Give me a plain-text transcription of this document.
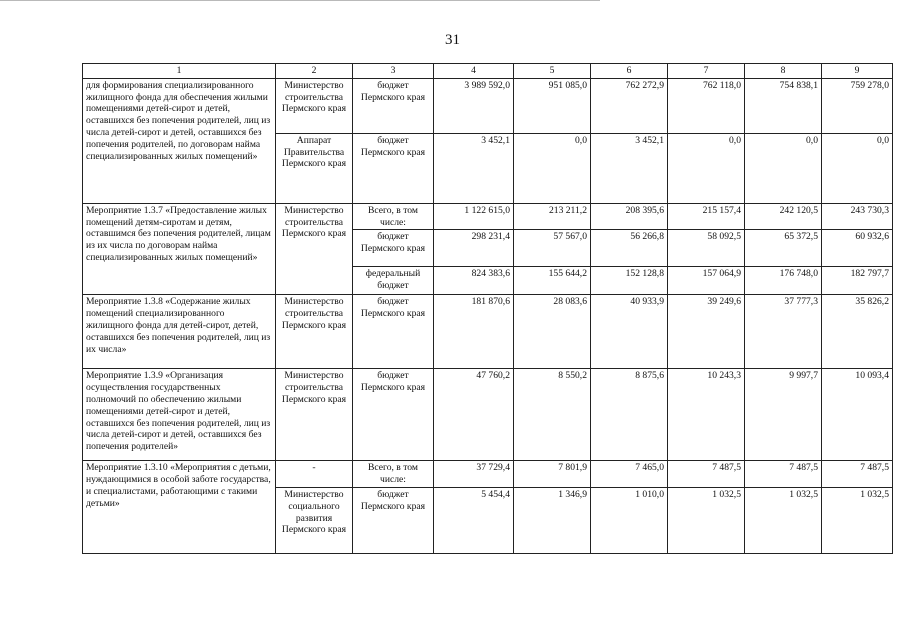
31
1	2	3	4	5	6	7	8	9
для формирования специализированного жилищного фонда для обеспечения жилыми помещениями детей-сирот и детей, оставшихся без попечения родителей, лиц из числа детей-сирот и детей, оставшихся без попечения родителей, по договорам найма специализированных жилых помещений»	Министерство строительства Пермского края	бюджет Пермского края	3 989 592,0	951 085,0	762 272,9	762 118,0	754 838,1	759 278,0
	Аппарат Правительства Пермского края	бюджет Пермского края	3 452,1	0,0	3 452,1	0,0	0,0	0,0
Мероприятие 1.3.7 «Предоставление жилых помещений детям-сиротам и детям, оставшимся без попечения родителей, лицам из их числа по договорам найма специализированных жилых помещений»	Министерство строительства Пермского края	Всего, в том числе:	1 122 615,0	213 211,2	208 395,6	215 157,4	242 120,5	243 730,3
		бюджет Пермского края	298 231,4	57 567,0	56 266,8	58 092,5	65 372,5	60 932,6
		федеральный бюджет	824 383,6	155 644,2	152 128,8	157 064,9	176 748,0	182 797,7
Мероприятие 1.3.8 «Содержание жилых помещений специализированного жилищного фонда для детей-сирот, детей, оставшихся без попечения родителей, лиц из их числа»	Министерство строительства Пермского края	бюджет Пермского края	181 870,6	28 083,6	40 933,9	39 249,6	37 777,3	35 826,2
Мероприятие 1.3.9 «Организация осуществления государственных полномочий по обеспечению жилыми помещениями детей-сирот и детей, оставшихся без попечения родителей, лиц из числа детей-сирот и детей, оставшихся без попечения родителей»	Министерство строительства Пермского края	бюджет Пермского края	47 760,2	8 550,2	8 875,6	10 243,3	9 997,7	10 093,4
Мероприятие 1.3.10 «Мероприятия с детьми, нуждающимися в особой заботе государства, и специалистами, работающими с такими детьми»	-	Всего, в том числе:	37 729,4	7 801,9	7 465,0	7 487,5	7 487,5	7 487,5
	Министерство социального развития Пермского края	бюджет Пермского края	5 454,4	1 346,9	1 010,0	1 032,5	1 032,5	1 032,5
